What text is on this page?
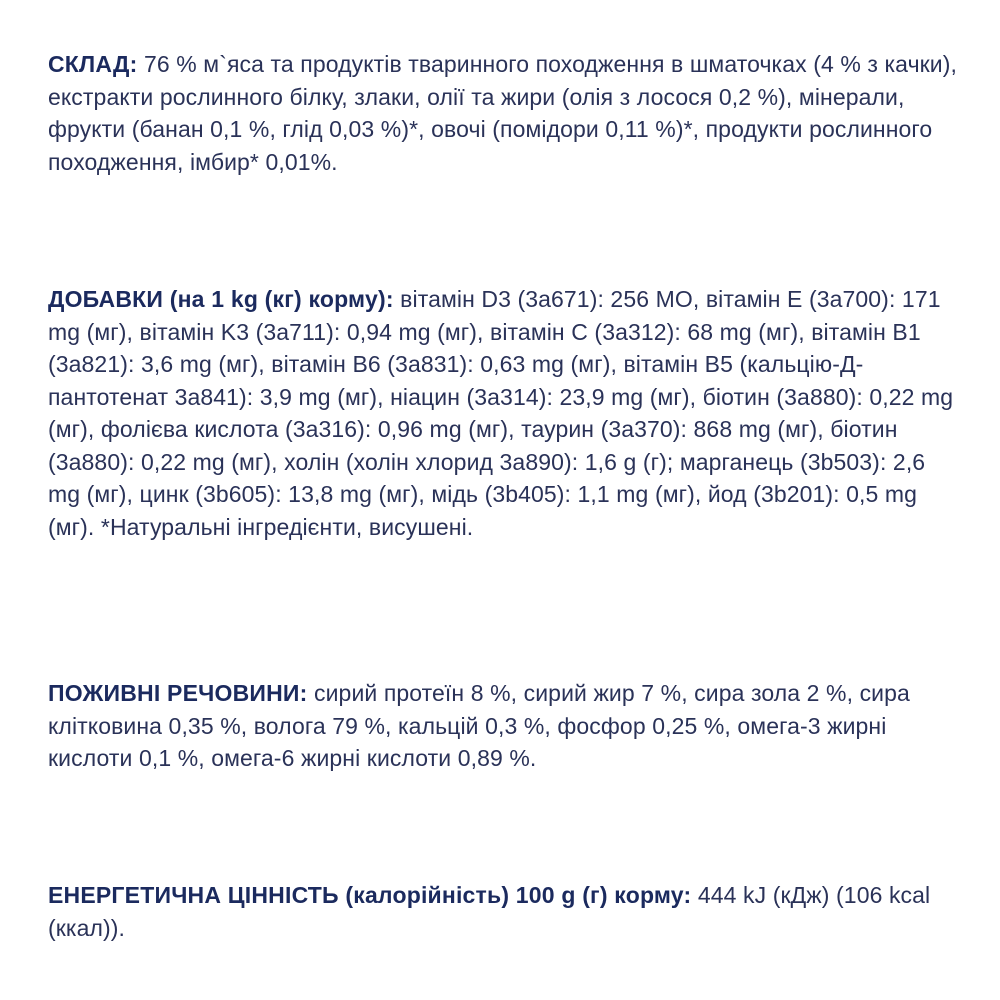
СКЛАД: 76 % м`яса та продуктів тваринного походження в шматочках (4 % з качки), екстракти рослинного білку, злаки, олії та жири (олія з лосося 0,2 %), мінерали, фрукти (банан 0,1 %, глід 0,03 %)*, овочі (помідори 0,11 %)*, продукти рослинного походження, імбир* 0,01%.

ДОБАВКИ (на 1 kg (кг) корму): вітамін D3 (3a671): 256 МО, вітамін E (3a700): 171 mg (мг), вітамін K3 (3a711): 0,94 mg (мг), вітамін C (3a312): 68 mg (мг), вітамін B1 (3a821): 3,6 mg (мг), вітамін B6 (3a831): 0,63 mg (мг), вітамін B5 (кальцію-Д-пантотенат 3a841): 3,9 mg (мг), ніацин (3a314): 23,9 mg (мг), біотин (3a880): 0,22 mg (мг), фолієва кислота (3a316): 0,96 mg (мг), таурин (3a370): 868 mg (мг), біотин (3a880): 0,22 mg (мг), холін (холін хлорид 3a890): 1,6 g (г); марганець (3b503): 2,6 mg (мг), цинк (3b605): 13,8 mg (мг), мідь (3b405): 1,1 mg (мг), йод (3b201): 0,5 mg (мг). *Натуральні інгредієнти, висушені.

ПОЖИВНІ РЕЧОВИНИ: сирий протеїн 8 %, сирий жир 7 %, сира зола 2 %, сира клітковина 0,35 %, волога 79 %, кальцій 0,3 %, фосфор 0,25 %, омега-3 жирні кислоти 0,1 %, омега-6 жирні кислоти 0,89 %.

ЕНЕРГЕТИЧНА ЦІННІСТЬ (калорійність) 100 g (г) корму: 444 kJ (кДж) (106 kcal (ккал)).
